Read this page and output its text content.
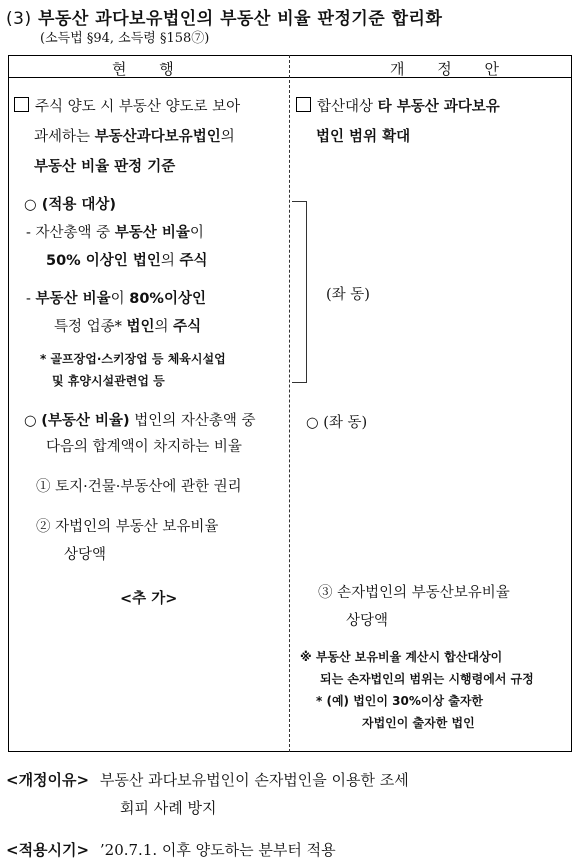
(3) 부동산 과다보유법인의 부동산 비율 판정기준 합리화
(소득법 §94, 소득령 §158⑦)
현 행	개 정 안
주식 양도 시 부동산 양도로 보아
과세하는 부동산과다보유법인의
부동산 비율 판정 기준
○ (적용 대상)
- 자산총액 중 부동산 비율이
50% 이상인 법인의 주식
- 부동산 비율이 80%이상인
특정 업종* 법인의 주식
* 골프장업·스키장업 등 체육시설업
및 휴양시설관련업 등
○ (부동산 비율) 법인의 자산총액 중
다음의 합계액이 차지하는 비율
① 토지·건물·부동산에 관한 권리
② 자법인의 부동산 보유비율
상당액
<추 가>
합산대상 타 부동산 과다보유
법인 범위 확대
(좌 동)
○ (좌 동)
③ 손자법인의 부동산보유비율
상당액
※ 부동산 보유비율 계산시 합산대상이
되는 손자법인의 범위는 시행령에서 규정
* (예) 법인이 30%이상 출자한
자법인이 출자한 법인
<개정이유> 부동산 과다보유법인이 손자법인을 이용한 조세
회피 사례 방지
<적용시기> ’20.7.1. 이후 양도하는 분부터 적용
